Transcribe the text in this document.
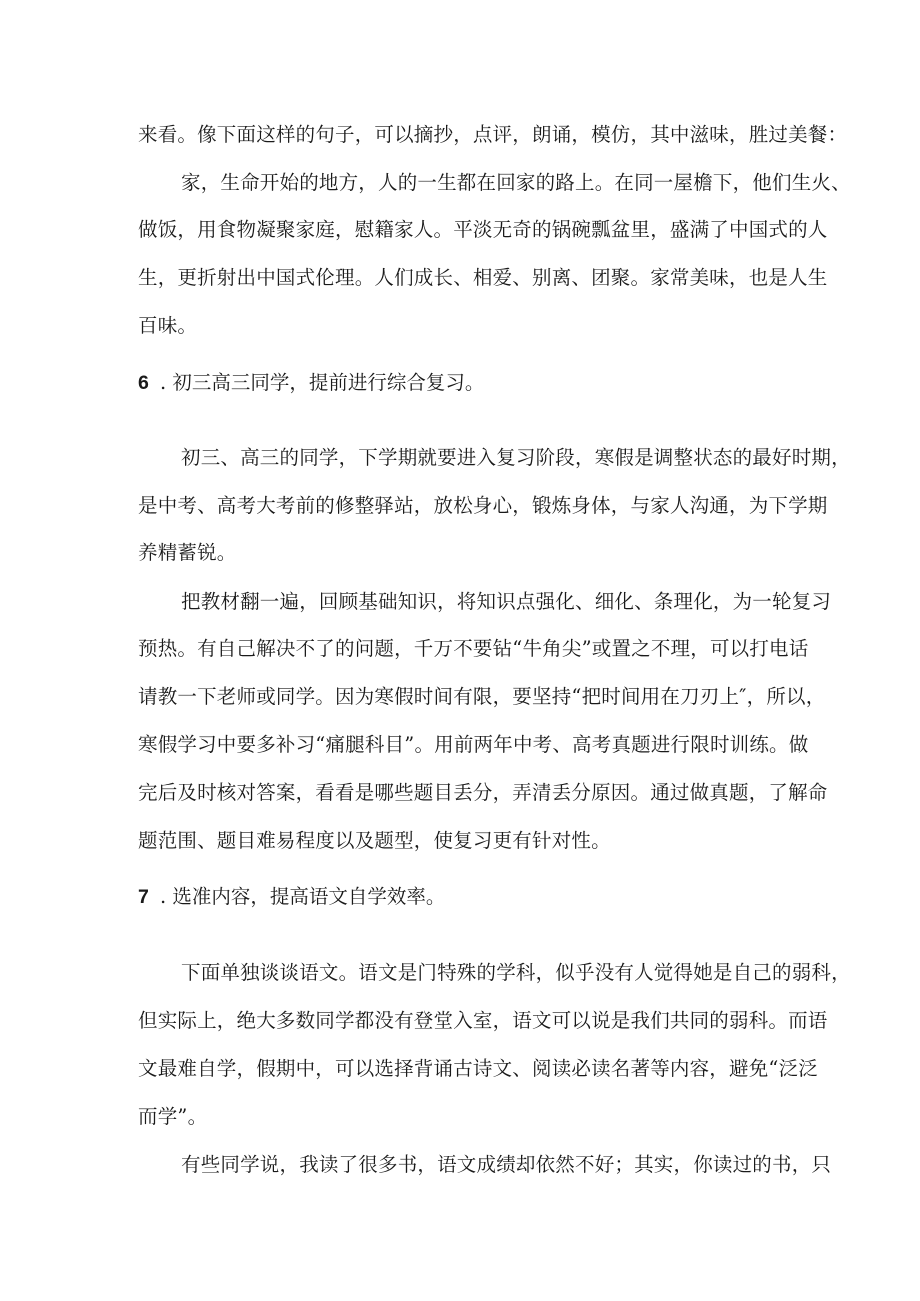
来看。像下面这样的句子，可以摘抄，点评，朗诵，模仿，其中滋味，胜过美餐：
家，生命开始的地方，人的一生都在回家的路上。在同一屋檐下，他们生火、
做饭，用食物凝聚家庭，慰籍家人。平淡无奇的锅碗瓢盆里，盛满了中国式的人
生，更折射出中国式伦理。人们成长、相爱、别离、团聚。家常美味，也是人生
百味。
6 . 初三高三同学，提前进行综合复习。
初三、高三的同学，下学期就要进入复习阶段，寒假是调整状态的最好时期，
是中考、高考大考前的修整驿站，放松身心，锻炼身体，与家人沟通，为下学期
养精蓄锐。
把教材翻一遍，回顾基础知识，将知识点强化、细化、条理化，为一轮复习
预热。有自己解决不了的问题，千万不要钻“牛角尖”或置之不理，可以打电话
请教一下老师或同学。因为寒假时间有限，要坚持“把时间用在刀刃上″，所以，
寒假学习中要多补习“痛腿科目”。用前两年中考、高考真题进行限时训练。做
完后及时核对答案，看看是哪些题目丢分，弄清丢分原因。通过做真题，了解命
题范围、题目难易程度以及题型，使复习更有针对性。
7 . 选准内容，提高语文自学效率。
下面单独谈谈语文。语文是门特殊的学科，似乎没有人觉得她是自己的弱科，
但实际上，绝大多数同学都没有登堂入室，语文可以说是我们共同的弱科。而语
文最难自学，假期中，可以选择背诵古诗文、阅读必读名著等内容，避免“泛泛
而学”。
有些同学说，我读了很多书，语文成绩却依然不好；其实，你读过的书，只
